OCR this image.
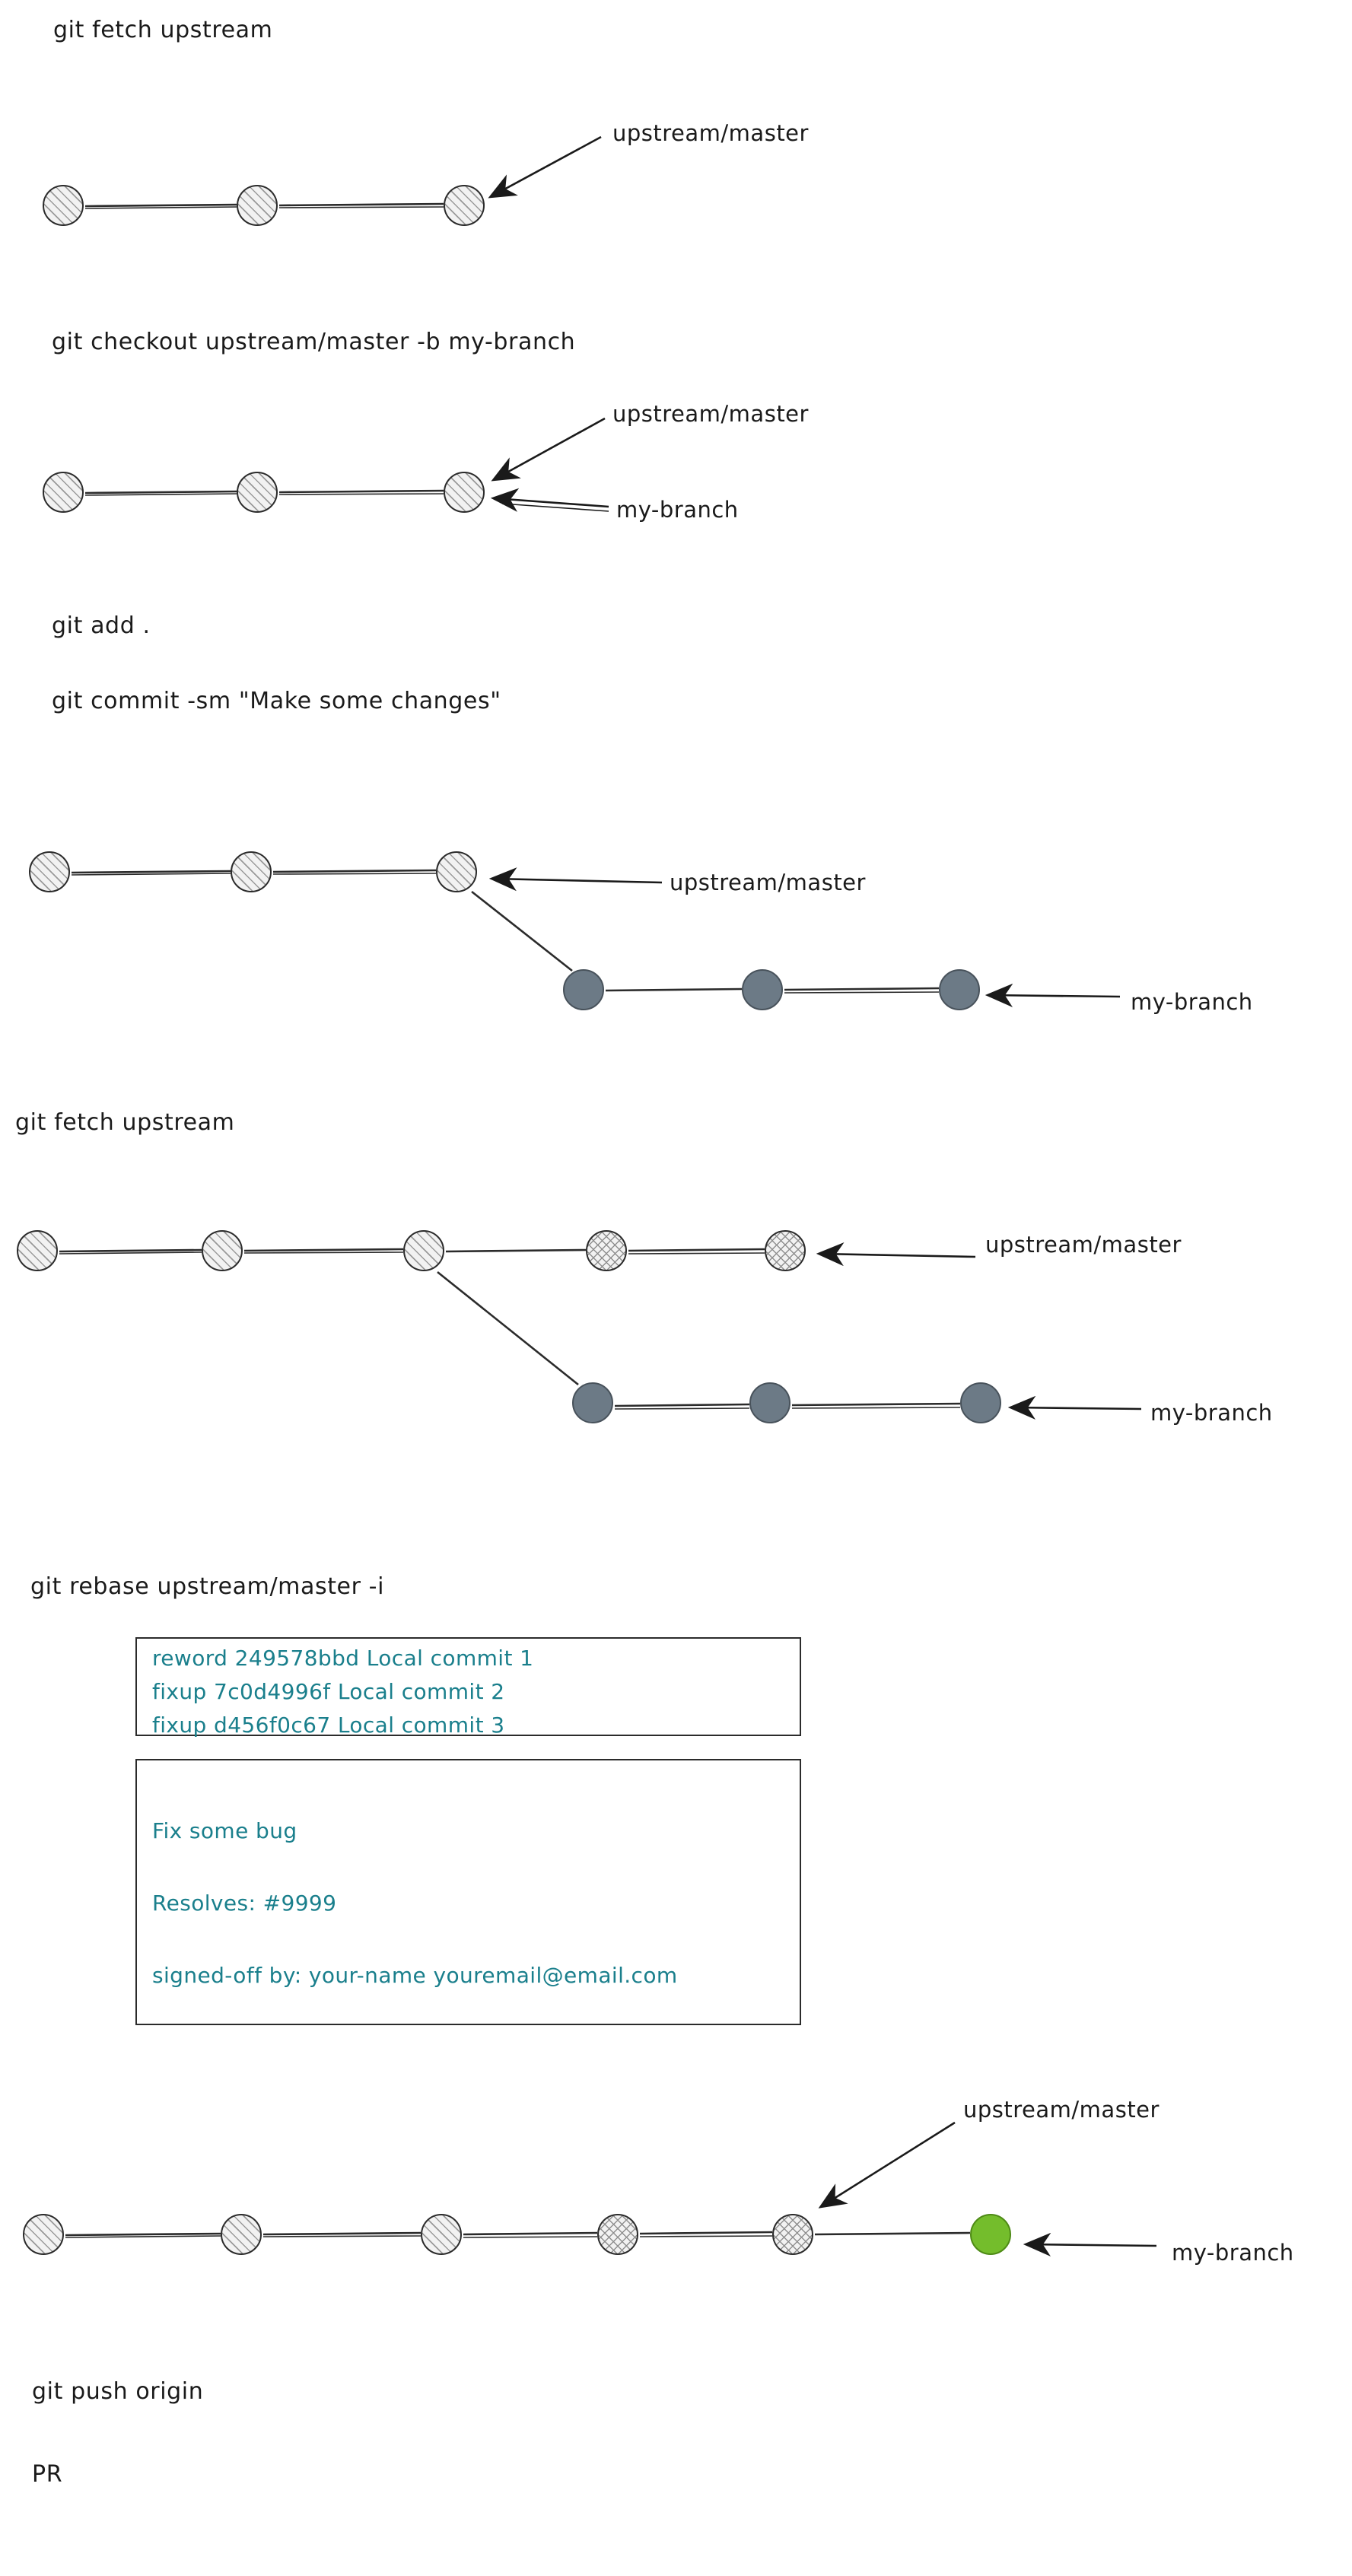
git fetch upstream
git checkout upstream/master -b my-branch
git add .
git commit -sm "Make some changes"
git fetch upstream
git rebase upstream/master -i
git push origin
PR
upstream/master
upstream/master
my-branch
upstream/master
my-branch
upstream/master
my-branch
upstream/master
my-branch
reword 249578bbd Local commit 1
fixup 7c0d4996f Local commit 2
fixup d456f0c67 Local commit 3
Fix some bug
Resolves: #9999
signed-off by: your-name youremail@email.com
